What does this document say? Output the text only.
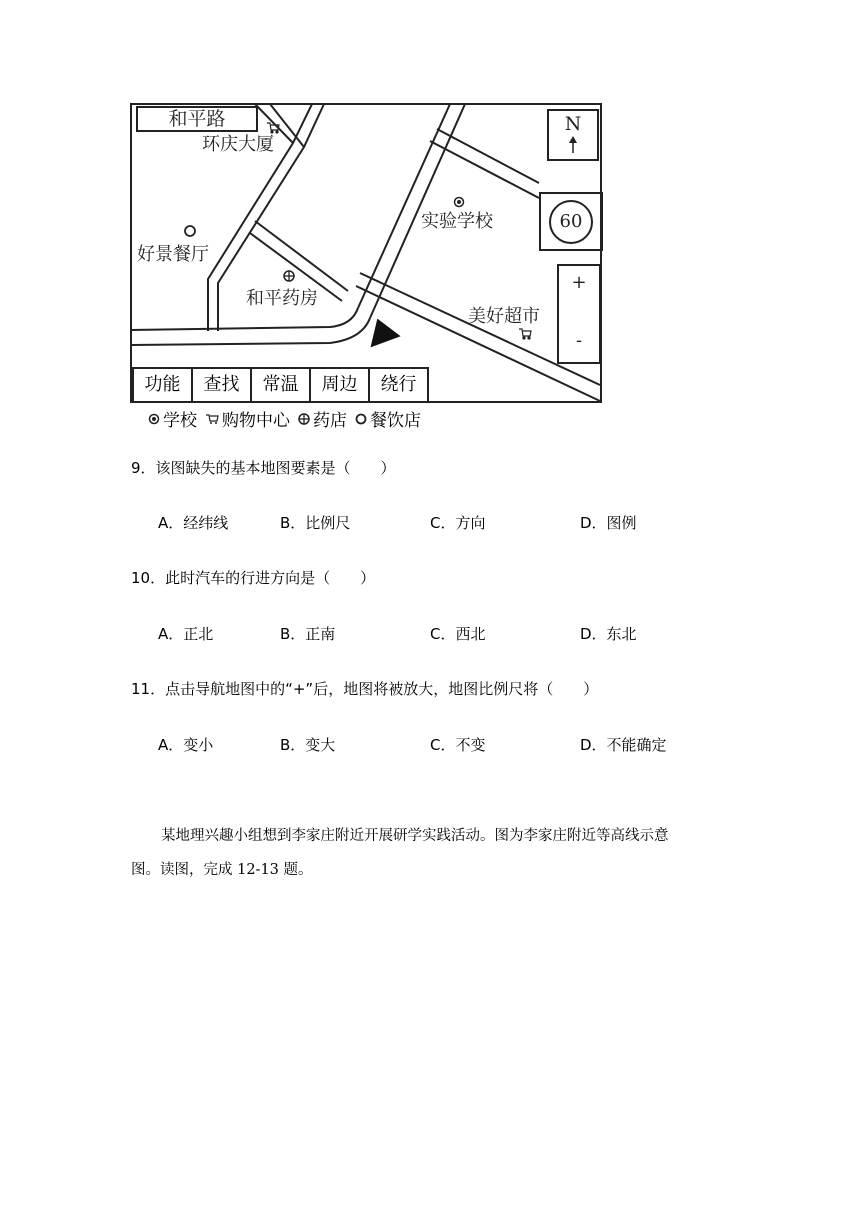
和平路
环庆大厦
好景餐厅
和平药房
实验学校
美好超市
N
60
+
-
功能	查找	常温	周边	绕行
学校 购物中心 药店 餐饮店
9．该图缺失的基本地图要素是（　　）
A．经纬线	B．比例尺	C．方向	D．图例
10．此时汽车的行进方向是（　　）
A．正北	B．正南	C．西北	D．东北
11．点击导航地图中的“+”后，地图将被放大，地图比例尺将（　　）
A．变小	B．变大	C．不变	D．不能确定

某地理兴趣小组想到李家庄附近开展研学实践活动。图为李家庄附近等高线示意

图。读图，完成 12-13 题。
